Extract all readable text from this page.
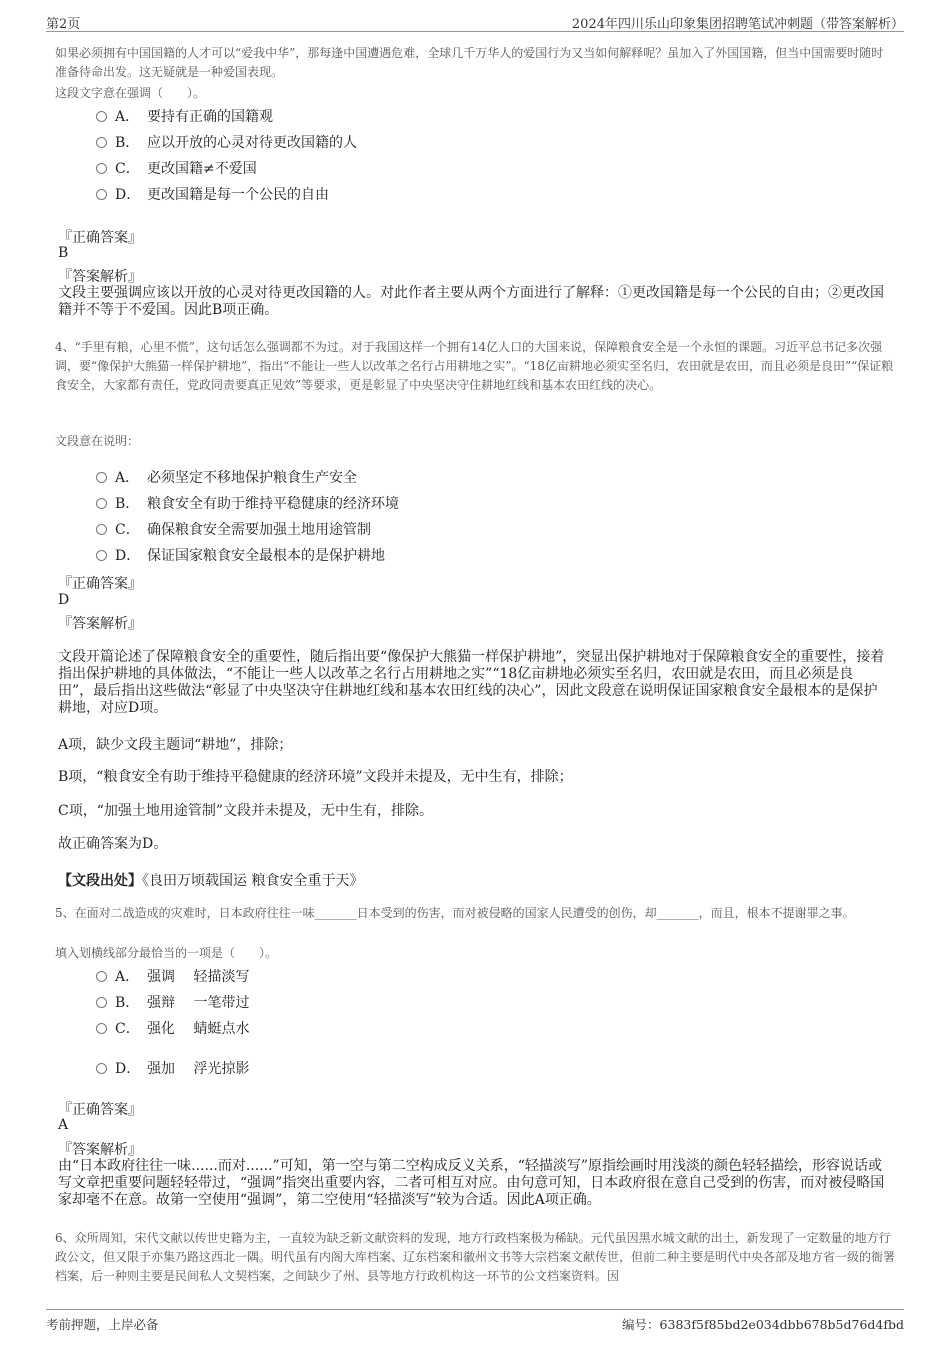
第2页	2024年四川乐山印象集团招聘笔试冲刺题（带答案解析）
如果必须拥有中国国籍的人才可以“爱我中华”，那每逢中国遭遇危难，全球几千万华人的爱国行为又当如何解释呢？虽加入了外国国籍，但当中国需要时随时准备待命出发。这无疑就是一种爱国表现。
这段文字意在强调（　　）。
A． 要持有正确的国籍观
B． 应以开放的心灵对待更改国籍的人
C． 更改国籍≠不爱国
D． 更改国籍是每一个公民的自由
『正确答案』
B
『答案解析』
文段主要强调应该以开放的心灵对待更改国籍的人。对此作者主要从两个方面进行了解释：①更改国籍是每一个公民的自由；②更改国籍并不等于不爱国。因此B项正确。
4、“手里有粮，心里不慌”，这句话怎么强调都不为过。对于我国这样一个拥有14亿人口的大国来说，保障粮食安全是一个永恒的课题。习近平总书记多次强调，要“像保护大熊猫一样保护耕地”，指出“不能让一些人以改革之名行占用耕地之实”。“18亿亩耕地必须实至名归，农田就是农田，而且必须是良田”“保证粮食安全，大家都有责任，党政同责要真正见效”等要求，更是彰显了中央坚决守住耕地红线和基本农田红线的决心。
文段意在说明：
A． 必须坚定不移地保护粮食生产安全
B． 粮食安全有助于维持平稳健康的经济环境
C． 确保粮食安全需要加强土地用途管制
D． 保证国家粮食安全最根本的是保护耕地
『正确答案』
D
『答案解析』
文段开篇论述了保障粮食安全的重要性，随后指出要“像保护大熊猫一样保护耕地”，突显出保护耕地对于保障粮食安全的重要性，接着指出保护耕地的具体做法，“不能让一些人以改革之名行占用耕地之实”“18亿亩耕地必须实至名归，农田就是农田，而且必须是良田”，最后指出这些做法“彰显了中央坚决守住耕地红线和基本农田红线的决心”，因此文段意在说明保证国家粮食安全最根本的是保护耕地，对应D项。
A项，缺少文段主题词“耕地”，排除；
B项，“粮食安全有助于维持平稳健康的经济环境”文段并未提及，无中生有，排除；
C项，“加强土地用途管制”文段并未提及，无中生有，排除。
故正确答案为D。
【文段出处】《良田万顷载国运 粮食安全重于天》
5、在面对二战造成的灾难时，日本政府往往一味_______日本受到的伤害，而对被侵略的国家人民遭受的创伤，却_______，而且，根本不提谢罪之事。
填入划横线部分最恰当的一项是（　　）。
A． 强调　 轻描淡写
B． 强辩　 一笔带过
C． 强化　 蜻蜓点水
D． 强加　 浮光掠影
『正确答案』
A
『答案解析』
由“日本政府往往一味......而对......”可知，第一空与第二空构成反义关系，“轻描淡写”原指绘画时用浅淡的颜色轻轻描绘，形容说话或写文章把重要问题轻轻带过，“强调”指突出重要内容，二者可相互对应。由句意可知，日本政府很在意自己受到的伤害，而对被侵略国家却毫不在意。故第一空使用“强调”，第二空使用“轻描淡写”较为合适。因此A项正确。
6、众所周知，宋代文献以传世史籍为主，一直较为缺乏新文献资料的发现，地方行政档案极为稀缺。元代虽因黑水城文献的出土，新发现了一定数量的地方行政公文，但又限于亦集乃路这西北一隅。明代虽有内阁大库档案、辽东档案和徽州文书等大宗档案文献传世，但前二种主要是明代中央各部及地方省一级的衙署档案，后一种则主要是民间私人文契档案，之间缺少了州、县等地方行政机构这一环节的公文档案资料。因
考前押题，上岸必备	编号：6383f5f85bd2e034dbb678b5d76d4fbd
